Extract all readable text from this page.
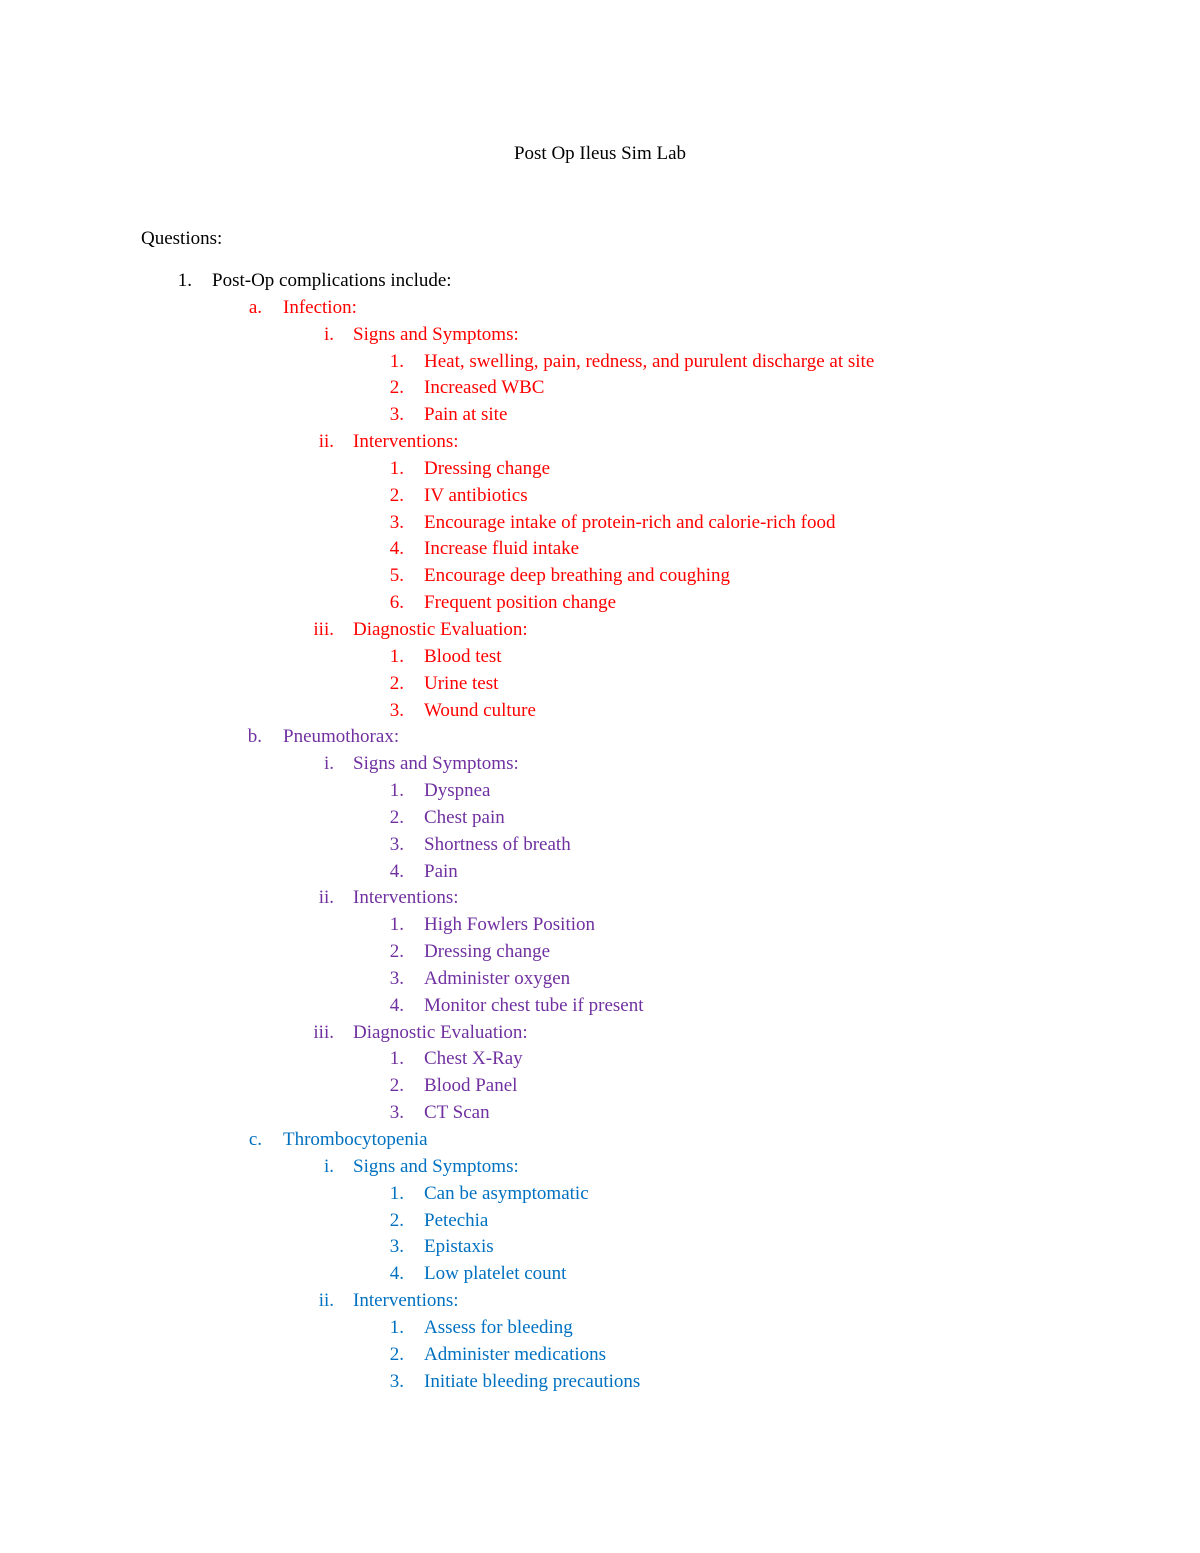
Post Op Ileus Sim Lab
Questions:
1. Post-Op complications include:
a. Infection:
i. Signs and Symptoms:
1. Heat, swelling, pain, redness, and purulent discharge at site
2. Increased WBC
3. Pain at site
ii. Interventions:
1. Dressing change
2. IV antibiotics
3. Encourage intake of protein-rich and calorie-rich food
4. Increase fluid intake
5. Encourage deep breathing and coughing
6. Frequent position change
iii. Diagnostic Evaluation:
1. Blood test
2. Urine test
3. Wound culture
b. Pneumothorax:
i. Signs and Symptoms:
1. Dyspnea
2. Chest pain
3. Shortness of breath
4. Pain
ii. Interventions:
1. High Fowlers Position
2. Dressing change
3. Administer oxygen
4. Monitor chest tube if present
iii. Diagnostic Evaluation:
1. Chest X-Ray
2. Blood Panel
3. CT Scan
c. Thrombocytopenia
i. Signs and Symptoms:
1. Can be asymptomatic
2. Petechia
3. Epistaxis
4. Low platelet count
ii. Interventions:
1. Assess for bleeding
2. Administer medications
3. Initiate bleeding precautions
